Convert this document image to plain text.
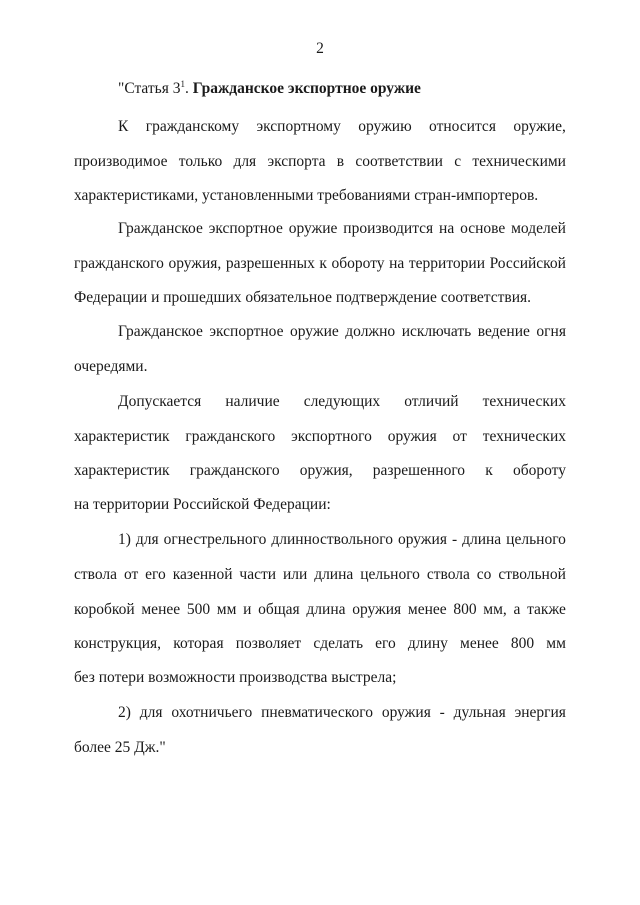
2
"Статья $3^1$. Гражданское экспортное оружие
К гражданскому экспортному оружию относится оружие,
производимое только для экспорта в соответствии с техническими
характеристиками, установленными требованиями стран-импортеров.
Гражданское экспортное оружие производится на основе моделей
гражданского оружия, разрешенных к обороту на территории Российской
Федерации и прошедших обязательное подтверждение соответствия.
Гражданское экспортное оружие должно исключать ведение огня
очередями.
Допускается наличие следующих отличий технических
характеристик гражданского экспортного оружия от технических
характеристик гражданского оружия, разрешенного к обороту
на территории Российской Федерации:
1) для огнестрельного длинноствольного оружия - длина цельного
ствола от его казенной части или длина цельного ствола со ствольной
коробкой менее 500 мм и общая длина оружия менее 800 мм, а также
конструкция, которая позволяет сделать его длину менее 800 мм
без потери возможности производства выстрела;
2) для охотничьего пневматического оружия - дульная энергия
более 25 Дж."
